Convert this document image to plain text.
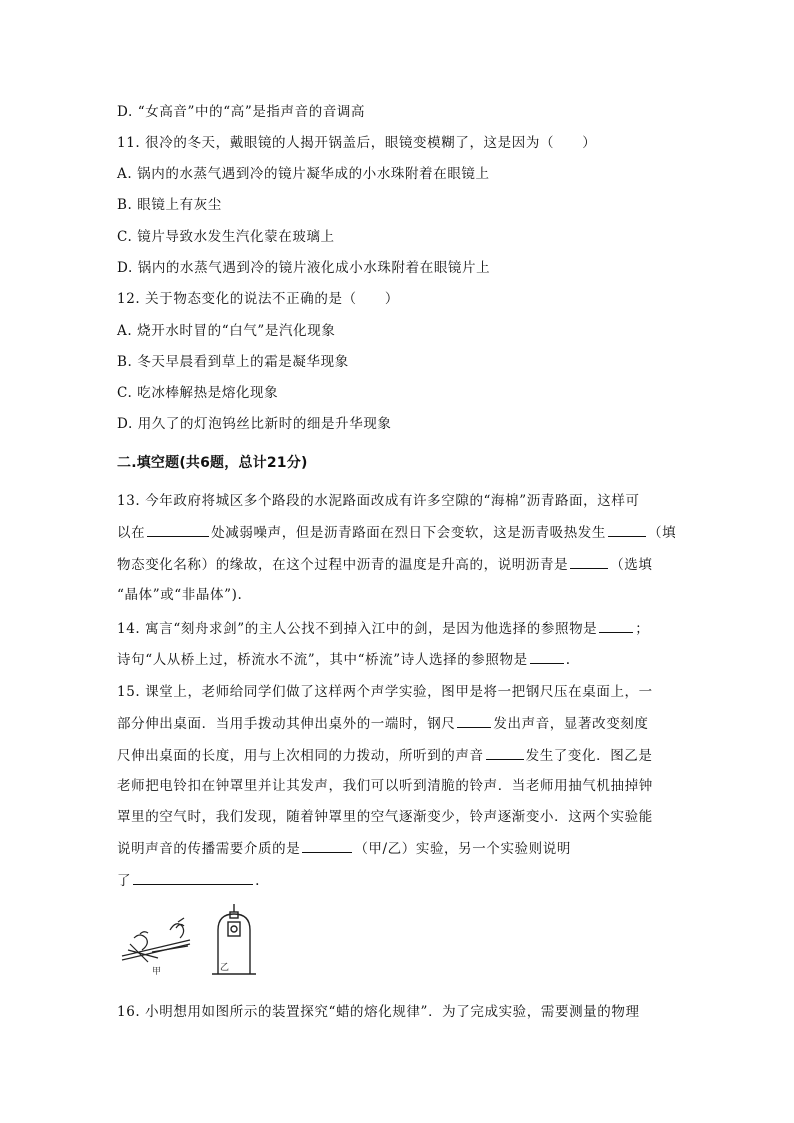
D. “女高音”中的“高”是指声音的音调高
11. 很冷的冬天，戴眼镜的人揭开锅盖后，眼镜变模糊了，这是因为（　　）
A. 锅内的水蒸气遇到冷的镜片凝华成的小水珠附着在眼镜上
B. 眼镜上有灰尘
C. 镜片导致水发生汽化蒙在玻璃上
D. 锅内的水蒸气遇到冷的镜片液化成小水珠附着在眼镜片上
12. 关于物态变化的说法不正确的是（　　）
A. 烧开水时冒的“白气”是汽化现象
B. 冬天早晨看到草上的霜是凝华现象
C. 吃冰棒解热是熔化现象
D. 用久了的灯泡钨丝比新时的细是升华现象
二.填空题(共6题，总计21分)
13. 今年政府将城区多个路段的水泥路面改成有许多空隙的“海棉”沥青路面，这样可
以在	处减弱噪声，但是沥青路面在烈日下会变软，这是沥青吸热发生	（填
物态变化名称）的缘故，在这个过程中沥青的温度是升高的，说明沥青是	（选填
“晶体”或“非晶体”).
14. 寓言“刻舟求剑”的主人公找不到掉入江中的剑，是因为他选择的参照物是	；
诗句“人从桥上过，桥流水不流”，其中“桥流”诗人选择的参照物是	.
15. 课堂上，老师给同学们做了这样两个声学实验，图甲是将一把钢尺压在桌面上，一
部分伸出桌面．当用手拨动其伸出桌外的一端时，钢尺	发出声音，显著改变刻度
尺伸出桌面的长度，用与上次相同的力拨动，所听到的声音	发生了变化．图乙是
老师把电铃扣在钟罩里并让其发声，我们可以听到清脆的铃声．当老师用抽气机抽掉钟
罩里的空气时，我们发现，随着钟罩里的空气逐渐变少，铃声逐渐变小．这两个实验能
说明声音的传播需要介质的是	（甲/乙）实验，另一个实验则说明
了	.
甲	乙
16. 小明想用如图所示的装置探究“蜡的熔化规律”．为了完成实验，需要测量的物理
